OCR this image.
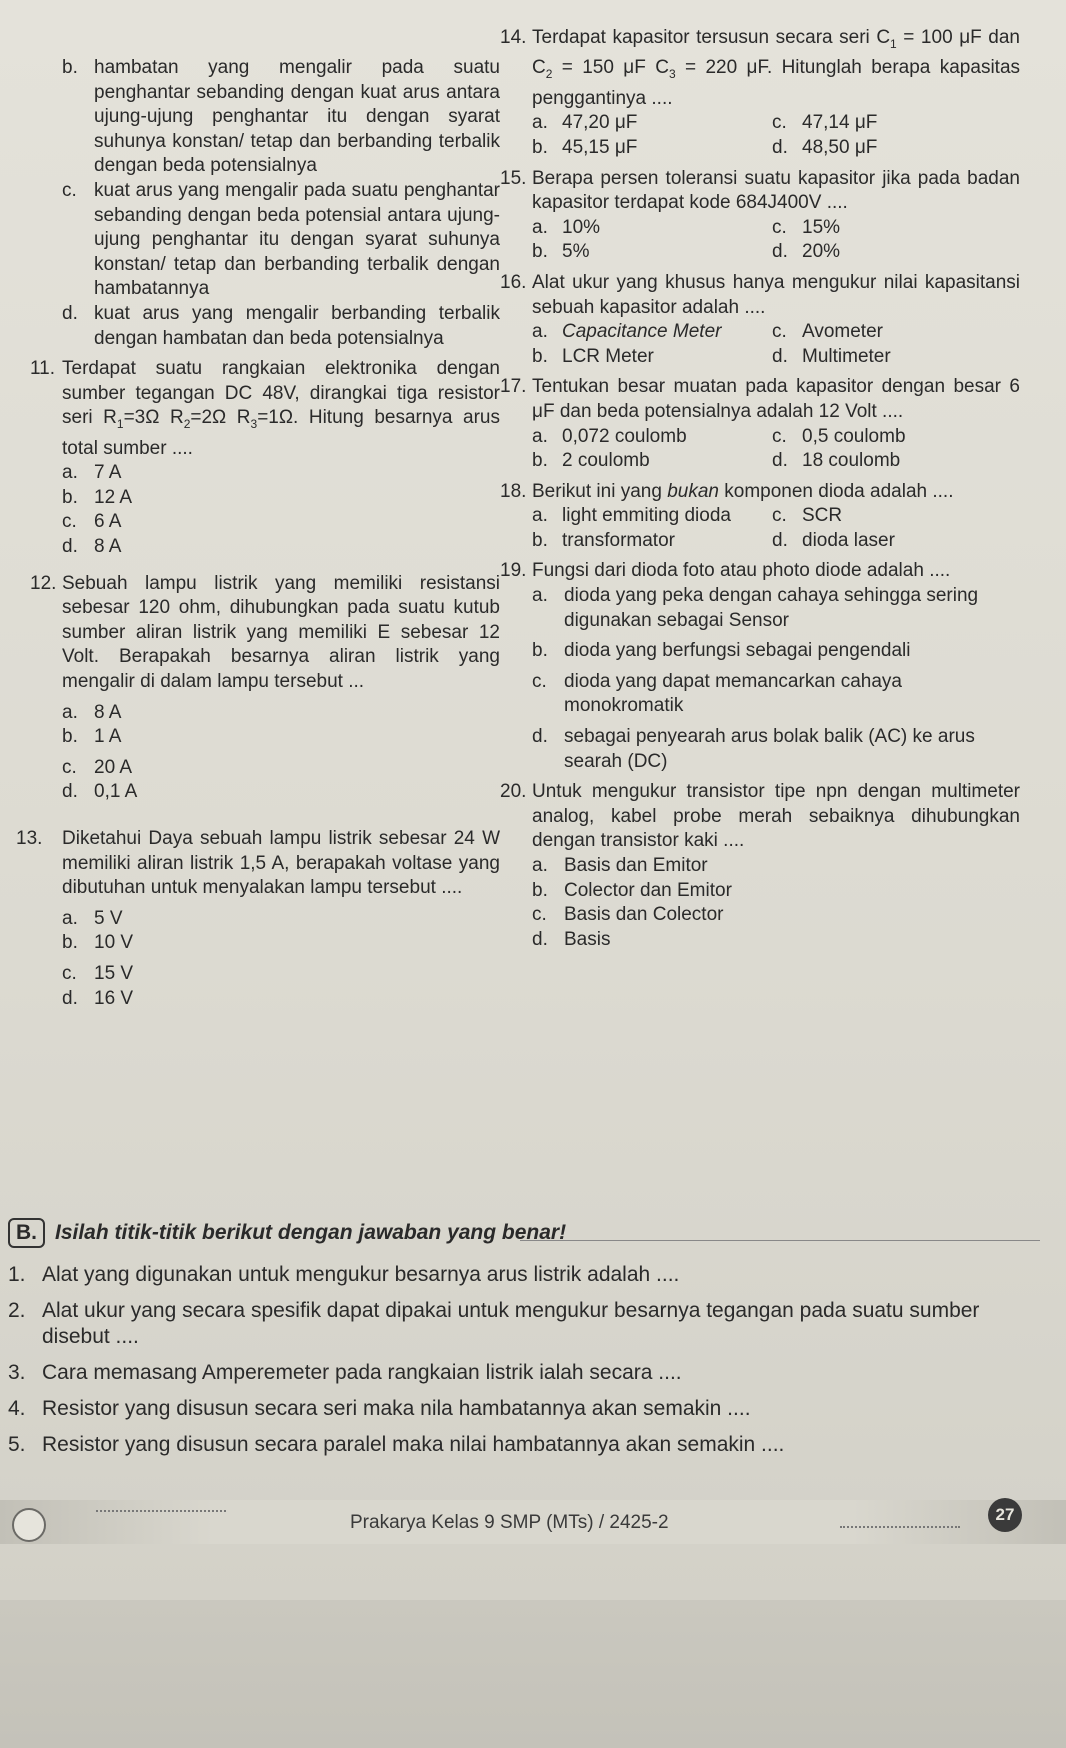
b. hambatan yang mengalir pada suatu penghantar sebanding dengan kuat arus antara ujung-ujung penghantar itu dengan syarat suhunya konstan/ tetap dan berbanding terbalik dengan beda potensialnya
c. kuat arus yang mengalir pada suatu penghantar sebanding dengan beda potensial antara ujung-ujung penghantar itu dengan syarat suhunya konstan/ tetap dan berbanding terbalik dengan hambatannya
d. kuat arus yang mengalir berbanding terbalik dengan hambatan dan beda potensialnya
11. Terdapat suatu rangkaian elektronika dengan sumber tegangan DC 48V, dirangkai tiga resistor seri $R_1=3\Omega$ $R_2=2\Omega$ $R_3=1\Omega$. Hitung besarnya arus total sumber ....
a. 7 A
b. 12 A
c. 6 A
d. 8 A
12. Sebuah lampu listrik yang memiliki resistansi sebesar 120 ohm, dihubungkan pada suatu kutub sumber aliran listrik yang memiliki E sebesar 12 Volt. Berapakah besarnya aliran listrik yang mengalir di dalam lampu tersebut ...
a. 8 A
b. 1 A
c. 20 A
d. 0,1 A
13.	Diketahui Daya sebuah lampu listrik sebesar 24 W memiliki aliran listrik 1,5 A, berapakah voltase yang dibutuhan untuk menyalakan lampu tersebut ....
a. 5 V
b. 10 V
c. 15 V
d. 16 V
14. Terdapat kapasitor tersusun secara seri $C_1 = 100$ μF dan $C_2 = 150$ μF $C_3 = 220$ μF. Hitunglah berapa kapasitas penggantinya ....
a. 47,20 μF	c. 47,14 μF
b. 45,15 μF	d. 48,50 μF
15. Berapa persen toleransi suatu kapasitor jika pada badan kapasitor terdapat kode 684J400V ....
a. 10%	c. 15%
b. 5%	d. 20%
16. Alat ukur yang khusus hanya mengukur nilai kapasitansi sebuah kapasitor adalah ....
a. Capacitance Meter	c. Avometer
b. LCR Meter	d. Multimeter
17. Tentukan besar muatan pada kapasitor dengan besar 6 μF dan beda potensialnya adalah 12 Volt ....
a. 0,072 coulomb	c. 0,5 coulomb
b. 2 coulomb	d. 18 coulomb
18. Berikut ini yang bukan komponen dioda adalah ....
a. light emmiting dioda c. SCR
b. transformator	d. dioda laser
19. Fungsi dari dioda foto atau photo diode adalah ....
a. dioda yang peka dengan cahaya sehingga sering digunakan sebagai Sensor
b. dioda yang berfungsi sebagai pengendali
c. dioda yang dapat memancarkan cahaya monokromatik
d. sebagai penyearah arus bolak balik (AC) ke arus searah (DC)
20. Untuk mengukur transistor tipe npn dengan multimeter analog, kabel probe merah sebaiknya dihubungkan dengan transistor kaki ....
a. Basis dan Emitor
b. Colector dan Emitor
c. Basis dan Colector
d. Basis
B. Isilah titik-titik berikut dengan jawaban yang benar!
1. Alat yang digunakan untuk mengukur besarnya arus listrik adalah ....
2. Alat ukur yang secara spesifik dapat dipakai untuk mengukur besarnya tegangan pada suatu sumber disebut ....
3. Cara memasang Amperemeter pada rangkaian listrik ialah secara ....
4. Resistor yang disusun secara seri maka nila hambatannya akan semakin ....
5. Resistor yang disusun secara paralel maka nilai hambatannya akan semakin ....
Prakarya Kelas 9 SMP (MTs) / 2425-2	27
